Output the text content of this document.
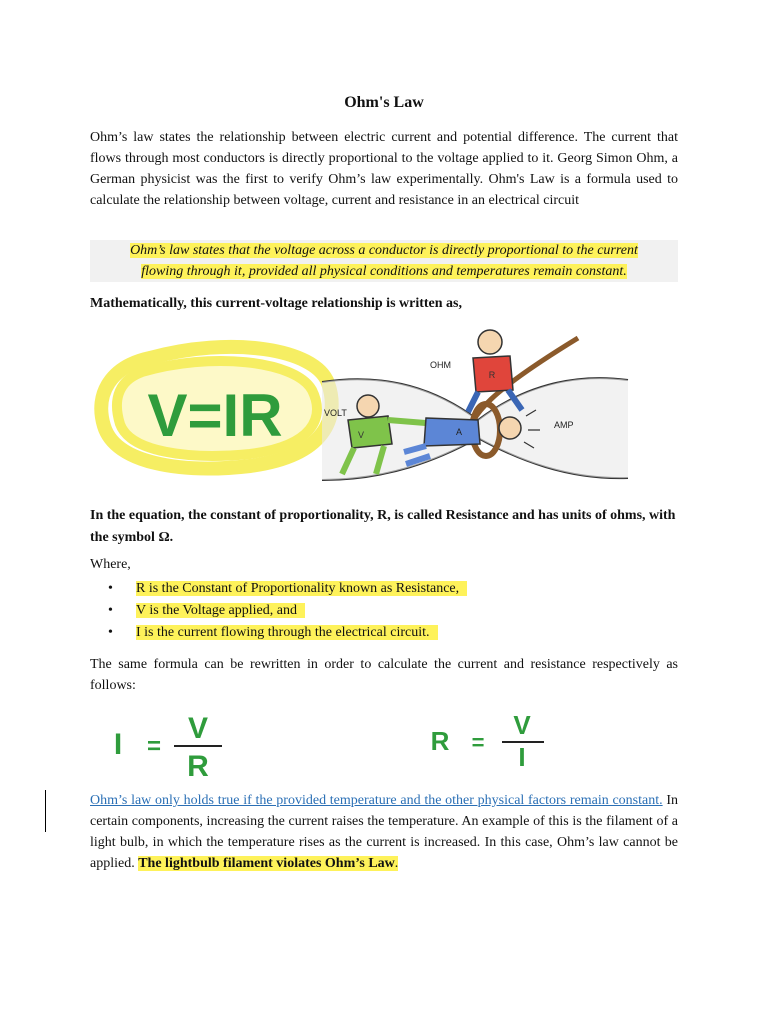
Ohm's Law
Ohm’s law states the relationship between electric current and potential difference. The current that flows through most conductors is directly proportional to the voltage applied to it. Georg Simon Ohm, a German physicist was the first to verify Ohm’s law experimentally. Ohm's Law is a formula used to calculate the relationship between voltage, current and resistance in an electrical circuit
Ohm’s law states that the voltage across a conductor is directly proportional to the current
flowing through it, provided all physical conditions and temperatures remain constant.
Mathematically, this current-voltage relationship is written as,
V=IR
R
OHM
V
VOLT
A
AMP
In the equation, the constant of proportionality, R, is called Resistance and has units of ohms, with the symbol Ω.
Where,
• R is the Constant of Proportionality known as Resistance,
• V is the Voltage applied, and
• I is the current flowing through the electrical circuit.
The same formula can be rewritten in order to calculate the current and resistance respectively as follows:
I =
V
R
R =
V
I
Ohm’s law only holds true if the provided temperature and the other physical factors remain constant. In certain components, increasing the current raises the temperature. An example of this is the filament of a light bulb, in which the temperature rises as the current is increased. In this case, Ohm’s law cannot be applied. The lightbulb filament violates Ohm’s Law.
